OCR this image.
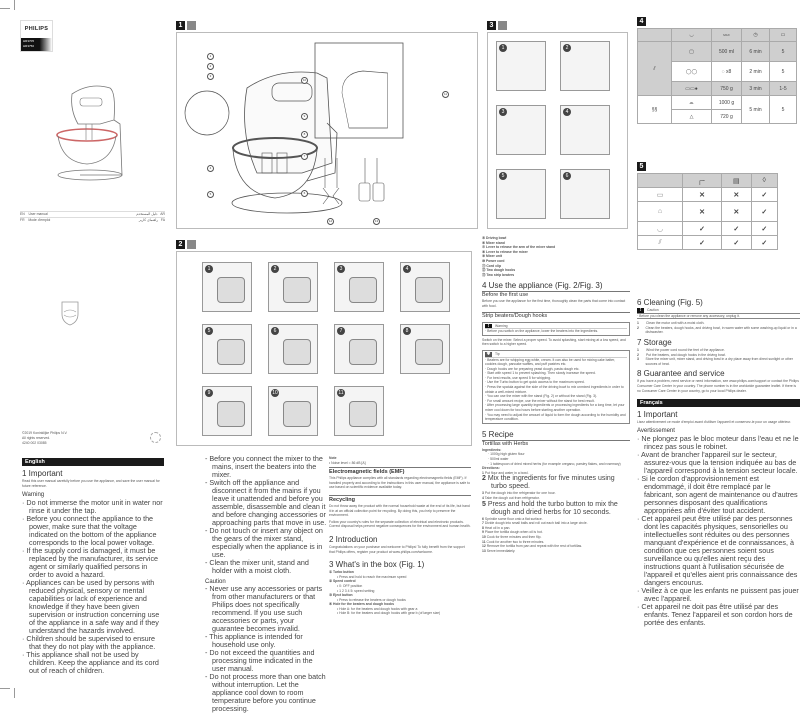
PHILIPS
HR3705
HR3750
EN User manual	دليل المستخدم AR
FR Mode d'emploi	راهنمای کاربر FA
©2019 Koninklijke Philips N.V.
All rights reserved.
4240 002 03085
English
1 Important
Read this user manual carefully before you use the appliance, and save the user manual for future reference.
Warning
· Do not immerse the motor unit in water nor rinse it under the tap.
· Before you connect the appliance to the power, make sure that the voltage indicated on the bottom of the appliance corresponds to the local power voltage.
· If the supply cord is damaged, it must be replaced by the manufacturer, its service agent or similarly qualified persons in order to avoid a hazard.
· Appliances can be used by persons with reduced physical, sensory or mental capabilities or lack of experience and knowledge if they have been given supervision or instruction concerning use of the appliance in a safe way and if they understand the hazards involved.
· Children should be supervised to ensure that they do not play with the appliance.
· This appliance shall not be used by children. Keep the appliance and its cord out of reach of children.
- Before you connect the mixer to the mains, insert the beaters into the mixer.
- Switch off the appliance and disconnect it from the mains if you leave it unattended and before you assemble, disassemble and clean it and before changing accessories or approaching parts that move in use.
- Do not touch or insert any object on the gears of the mixer stand, especially when the appliance is in use.
- Clean the mixer unit, stand and holder with a moist cloth.
Caution
- Never use any accessories or parts from other manufacturers or that Philips does not specifically recommend. If you use such accessories or parts, your guarantee becomes invalid.
- This appliance is intended for household use only.
- Do not exceed the quantities and processing time indicated in the user manual.
- Do not process more than one batch without interruption. Let the appliance cool down to room temperature before you continue processing.
Note
• Noise level = 86 dB [A]
Electromagnetic fields (EMF)
This Philips appliance complies with all standards regarding electromagnetic fields (EMF). If handled properly and according to the instructions in this user manual, the appliance is safe to use based on scientific evidence available today.
Recycling
Do not throw away the product with the normal household waste at the end of its life, but hand it in at an official collection point for recycling. By doing this, you help to preserve the environment.
Follow your country's rules for the separate collection of electrical and electronic products. Correct disposal helps prevent negative consequences for the environment and human health.
2 Introduction
Congratulations on your purchase and welcome to Philips! To fully benefit from the support that Philips offers, register your product at www.philips.com/welcome.
3 What's in the box (Fig. 1)
① Turbo button
• Press and hold to reach the maximum speed
② Speed control
• 0: OFF position
• 1 2 3 4 5: speed setting
③ Eject button
• Press to release the beaters or dough hooks
④ Hole for the beaters and dough hooks
• Hole A: for the beaters and dough hooks with gear a
• Hole B: for the beaters and dough hooks with gear b (of larger size)
⑤ Driving bowl
⑥ Mixer stand
⑦ Lever to release the arm of the mixer stand
⑧ Lever to release the mixer
⑨ Mixer unit
⑩ Power cord
⑪ Cord clip
⑫ Two dough hooks
⑬ Two strip beaters
4 Use the appliance (Fig. 2/Fig. 3)
Before the first use
Before you use the appliance for the first time, thoroughly clean the parts that come into contact with food.
Strip beaters/Dough hooks
!	Warning
· Before you switch on the appliance, lower the beaters into the ingredients.
Switch on the mixer. Select a proper speed. To avoid splashing, start mixing at a low speed, and then switch to a higher speed.
✱	Tip
· Beaters are for whipping egg white, cream. It can also be used for mixing cake batter, cookies dough, pancake waffles, and puff pastries etc.
· Dough hooks are for preparing yeast dough, pasta dough etc.
· Start with speed 1 to prevent splashing. Then slowly increase the speed.
· For best results, use speed 5 for whipping.
· Use the Turbo button to get quick access to the maximum speed.
· Press the spatula against the side of the driving bowl to mix unmixed ingredients in order to obtain a well-mixed mixture.
· You can use the mixer with the stand (Fig. 2) or without the stand (Fig. 3).
· For small amount recipe, use the mixer without the stand for best result.
· After processing large quantity ingredients or processing ingredients for a long time, let your mixer cool down for two hours before starting another operation.
· You may need to adjust the amount of liquid to form the dough according to the humidity and temperature condition.
5 Recipe
Tortillas with Herbs
Ingredients:
· 1000g high gluten flour
· 500ml water
· 1 tablespoon of dried mixed herbs (for example oregano, parsley flakes, and rosemary)
Directions:
1 Put flour and water in a bowl.
2 Mix the ingredients for five minutes using turbo speed.
3 Put the dough into the refrigerator for one hour.
4 Take the dough out from refrigerator.
5 Press and hold the turbo button to mix the dough and dried herbs for 10 seconds.
6 Sprinkle some flour onto a flat surface.
7 Divide dough into small balls and roll out each ball into a large circle.
8 Heat oil in a pan.
9 Place the tortilla dough when oil is hot.
10 Cook for three minutes and then flip.
11 Cook for another two to three minutes.
12 Remove the tortilla from pan and repeat with the rest of tortillas.
13 Serve immediately.
6 Cleaning (Fig. 5)
!	Caution
· Before you clean the appliance or remove any accessory, unplug it.
1	Clean the motor unit with a moist cloth.
2	Clean the beaters, dough hooks, and driving bowl, in warm water with some washing-up liquid or in a dishwasher.
7 Storage
1	Wind the power cord round the feet of the appliance.
2	Put the beaters, and dough hooks in the driving bowl.
3	Store the mixer unit, mixer stand, and driving bowl in a dry place away from direct sunlight or other sources of heat.
8 Guarantee and service
If you have a problem, need service or need information, see www.philips.com/support or contact the Philips Consumer Care Center in your country. The phone number is in the worldwide guarantee leaflet. If there is no Consumer Care Center in your country, go to your local Philips dealer.
Français
1 Important
Lisez attentivement ce mode d'emploi avant d'utiliser l'appareil et conservez-le pour un usage ultérieur.
Avertissement
· Ne plongez pas le bloc moteur dans l'eau et ne le rincez pas sous le robinet.
· Avant de brancher l'appareil sur le secteur, assurez-vous que la tension indiquée au bas de l'appareil correspond à la tension secteur locale.
· Si le cordon d'approvisionnement est endommagé, il doit être remplacé par le fabricant, son agent de maintenance ou d'autres personnes disposant des qualifications appropriées afin d'éviter tout accident.
· Cet appareil peut être utilisé par des personnes dont les capacités physiques, sensorielles ou intellectuelles sont réduites ou des personnes manquant d'expérience et de connaissances, à condition que ces personnes soient sous surveillance ou qu'elles aient reçu des instructions quant à l'utilisation sécurisée de l'appareil et qu'elles aient pris connaissance des dangers encourus.
· Veillez à ce que les enfants ne puissent pas jouer avec l'appareil.
· Cet appareil ne doit pas être utilisé par des enfants. Tenez l'appareil et son cordon hors de portée des enfants.
1
2
3
4
5	6
7
8
9
10
11
12	13
1
1	2
3	4
5	6
3
1	2	3	4
5	6	7	8
9	10	11
2
	◡	MAX	◷	▭
⫽	▢	500 ml	6 min	5
	◯◯	◌ x8	2 min	5
	▭▭●	750 g	3 min	1-5
§§	⌓	1000 g	5 min	5
	△	720 g		
4
	┌╴	▤	◊
▭	✕	✕	✓
⌂	✕	✕	✓
◡	✓	✓	✓
⫽	✓	✓	✓
5
